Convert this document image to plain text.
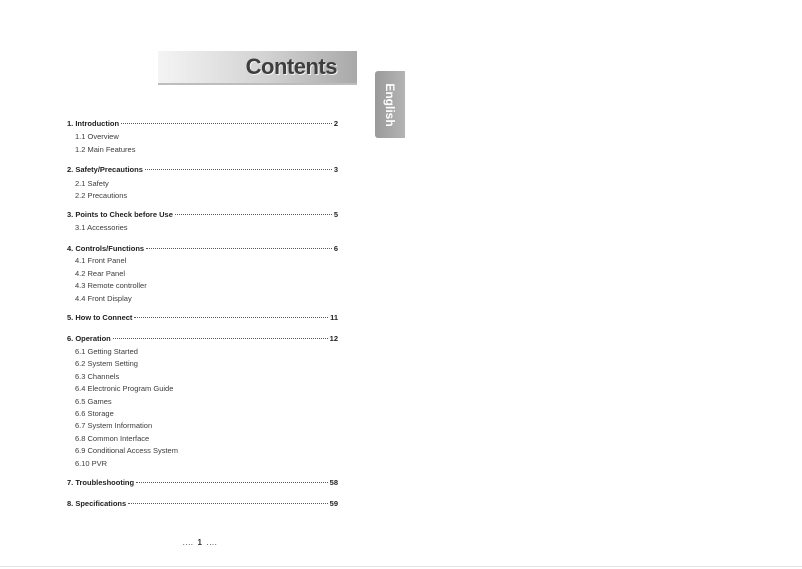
Contents
English
1. Introduction	2
1.1 Overview
1.2 Main Features
2. Safety/Precautions	3
2.1 Safety
2.2 Precautions
3. Points to Check before Use	5
3.1 Accessories
4. Controls/Functions	6
4.1 Front Panel
4.2 Rear Panel
4.3 Remote controller
4.4 Front Display
5. How to Connect	11
6. Operation	12
6.1 Getting Started
6.2 System Setting
6.3 Channels
6.4 Electronic Program Guide
6.5 Games
6.6 Storage
6.7 System Information
6.8 Common Interface
6.9 Conditional Access System
6.10 PVR
7. Troubleshooting	58
8. Specifications	59
.... 1 ....
